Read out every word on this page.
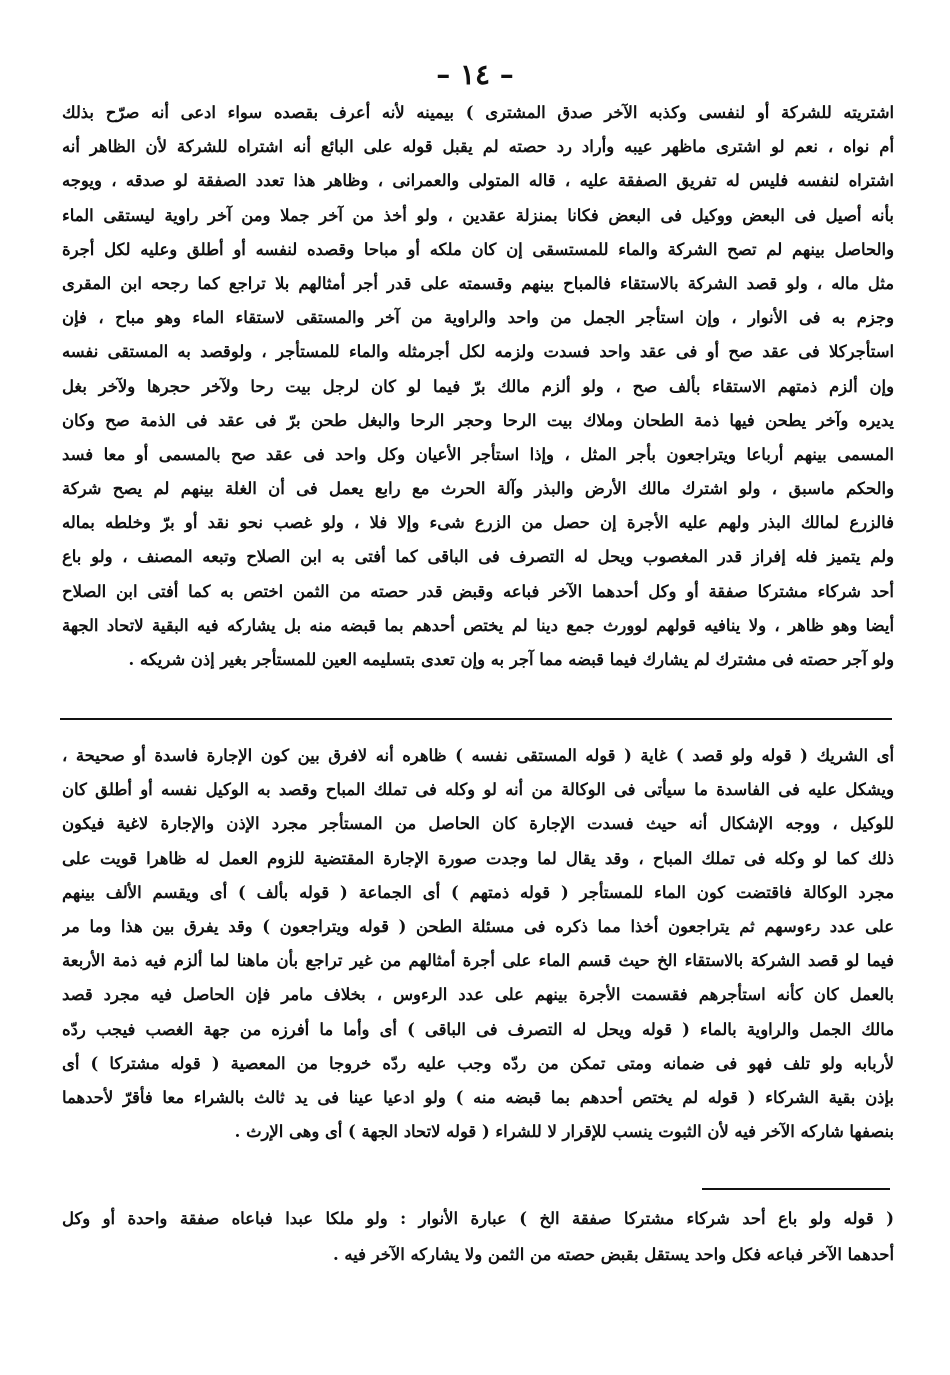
– ١٤ –
اشتريته للشركة أو لنفسى وكذبه الآخر صدق المشترى ) بيمينه لأنه أعرف بقصده سواء ادعى أنه صرّح بذلك
أم نواه ، نعم لو اشترى ماظهر عيبه وأراد رد حصته لم يقبل قوله على البائع أنه اشتراه للشركة لأن الظاهر أنه
اشتراه لنفسه فليس له تفريق الصفقة عليه ، قاله المتولى والعمرانى ، وظاهر هذا تعدد الصفقة لو صدقه ، ويوجه
بأنه أصيل فى البعض ووكيل فى البعض فكانا بمنزلة عقدين ، ولو أخذ من آخر جملا ومن آخر راوية ليستقى الماء
والحاصل بينهم لم تصح الشركة والماء للمستسقى إن كان ملكه أو مباحا وقصده لنفسه أو أطلق وعليه لكل أجرة
مثل ماله ، ولو قصد الشركة بالاستقاء فالمباح بينهم وقسمته على قدر أجر أمثالهم بلا تراجع كما رجحه ابن المقرى
وجزم به فى الأنوار ، وإن استأجر الجمل من واحد والراوية من آخر والمستقى لاستقاء الماء وهو مباح ، فإن
استأجركلا فى عقد صح أو فى عقد واحد فسدت ولزمه لكل أجرمثله والماء للمستأجر ، ولوقصد به المستقى نفسه
وإن ألزم ذمتهم الاستقاء بألف صح ، ولو ألزم مالك برّ فيما لو كان لرجل بيت رحا ولآخر حجرها ولآخر بغل
يديره وآخر يطحن فيها ذمة الطحان وملاك بيت الرحا وحجر الرحا والبغل طحن برّ فى عقد فى الذمة صح وكان
المسمى بينهم أرباعا ويتراجعون بأجر المثل ، وإذا استأجر الأعيان وكل واحد فى عقد صح بالمسمى أو معا فسد
والحكم ماسبق ، ولو اشترك مالك الأرض والبذر وآلة الحرث مع رابع يعمل فى أن الغلة بينهم لم يصح شركة
فالزرع لمالك البذر ولهم عليه الأجرة إن حصل من الزرع شىء وإلا فلا ، ولو غصب نحو نقد أو برّ وخلطه بماله
ولم يتميز فله إفراز قدر المغصوب ويحل له التصرف فى الباقى كما أفتى به ابن الصلاح وتبعه المصنف ، ولو باع
أحد شركاء مشتركا صفقة أو وكل أحدهما الآخر فباعه وقبض قدر حصته من الثمن اختص به كما أفتى ابن الصلاح
أيضا وهو ظاهر ، ولا ينافيه قولهم لوورث جمع دينا لم يختص أحدهم بما قبضه منه بل يشاركه فيه البقية لاتحاد الجهة
ولو آجر حصته فى مشترك لم يشارك فيما قبضه مما آجر به وإن تعدى بتسليمه العين للمستأجر بغير إذن شريكه .
أى الشريك ( قوله ولو قصد ) غاية ( قوله المستقى نفسه ) ظاهره أنه لافرق بين كون الإجارة فاسدة أو صحيحة ،
ويشكل عليه فى الفاسدة ما سيأتى فى الوكالة من أنه لو وكله فى تملك المباح وقصد به الوكيل نفسه أو أطلق كان
للوكيل ، ووجه الإشكال أنه حيث فسدت الإجارة كان الحاصل من المستأجر مجرد الإذن والإجارة لاغية فيكون
ذلك كما لو وكله فى تملك المباح ، وقد يقال لما وجدت صورة الإجارة المقتضية للزوم العمل له ظاهرا قويت على
مجرد الوكالة فاقتضت كون الماء للمستأجر ( قوله ذمتهم ) أى الجماعة ( قوله بألف ) أى ويقسم الألف بينهم
على عدد رءوسهم ثم يتراجعون أخذا مما ذكره فى مسئلة الطحن ( قوله ويتراجعون ) وقد يفرق بين هذا وما مر
فيما لو قصد الشركة بالاستقاء الخ حيث قسم الماء على أجرة أمثالهم من غير تراجع بأن ماهنا لما ألزم فيه ذمة الأربعة
بالعمل كان كأنه استأجرهم فقسمت الأجرة بينهم على عدد الرءوس ، بخلاف مامر فإن الحاصل فيه مجرد قصد
مالك الجمل والراوية بالماء ( قوله ويحل له التصرف فى الباقى ) أى وأما ما أفرزه من جهة الغصب فيجب ردّه
لأربابه ولو تلف فهو فى ضمانه ومتى تمكن من ردّه وجب عليه ردّه خروجا من المعصية ( قوله مشتركا ) أى
بإذن بقية الشركاء ( قوله لم يختص أحدهم بما قبضه منه ) ولو ادعيا عينا فى يد ثالث بالشراء معا فأقرّ لأحدهما
بنصفها شاركه الآخر فيه لأن الثبوت ينسب للإقرار لا للشراء ( قوله لاتحاد الجهة ) أى وهى الإرث .
( قوله ولو باع أحد شركاء مشتركا صفقة الخ ) عبارة الأنوار : ولو ملكا عبدا فباعاه صفقة واحدة أو وكل
أحدهما الآخر فباعه فكل واحد يستقل بقبض حصته من الثمن ولا يشاركه الآخر فيه .
